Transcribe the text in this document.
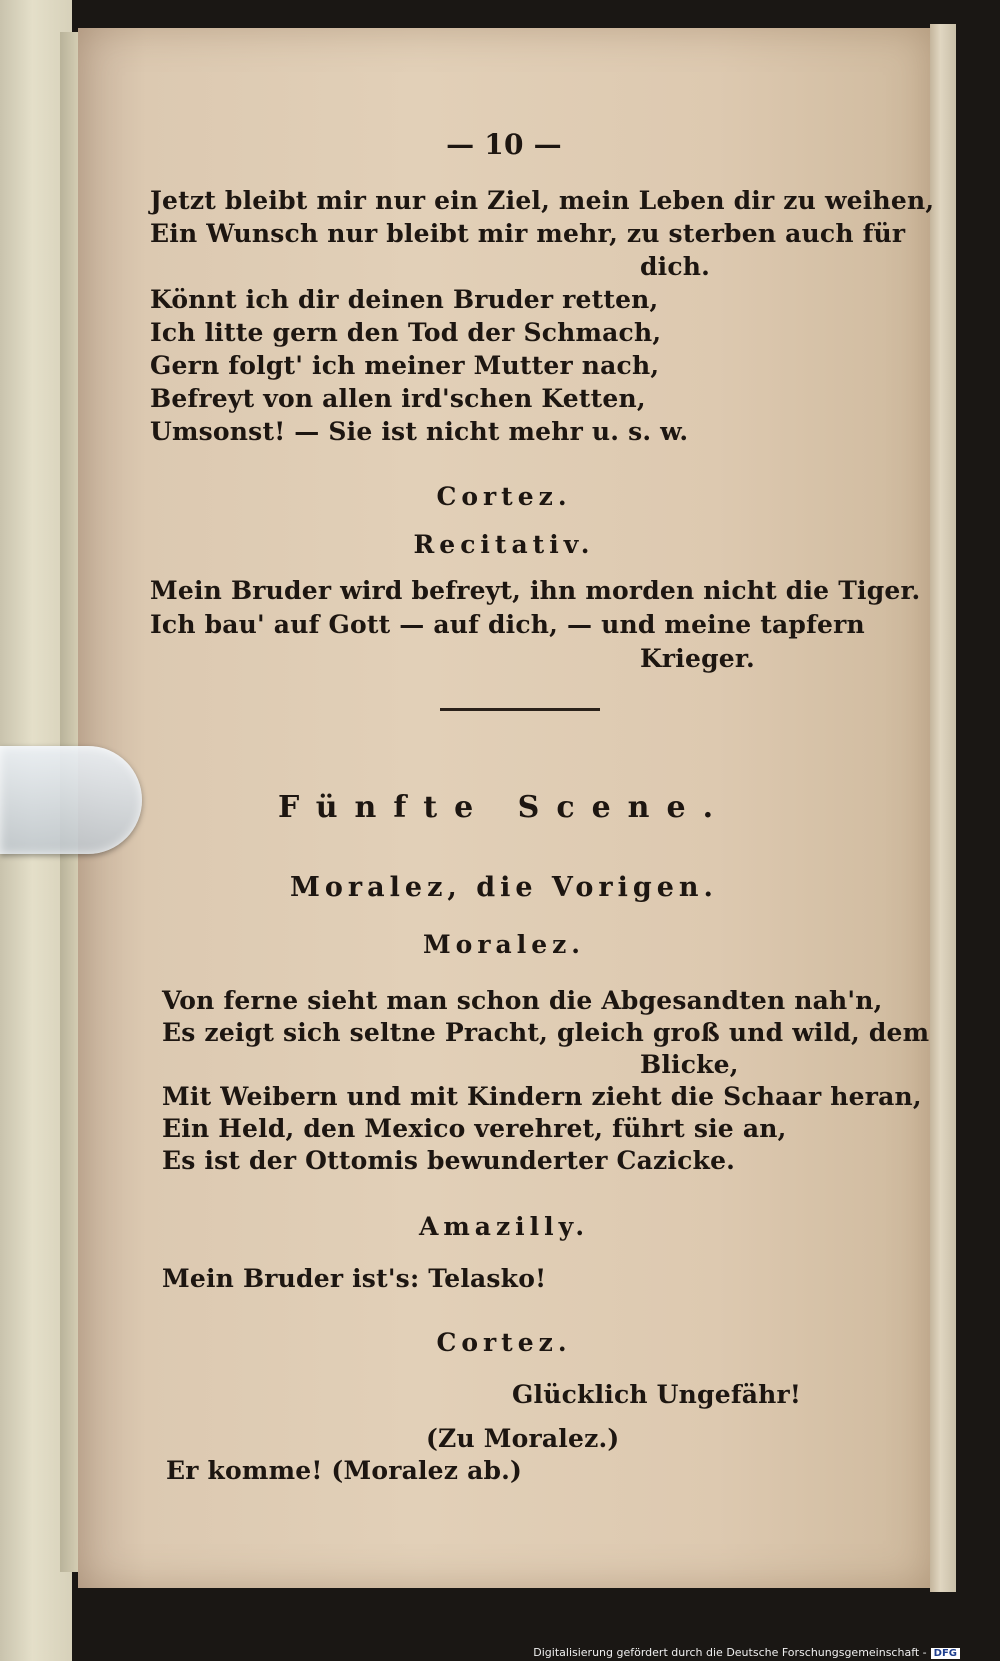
— 10 —
Jetzt bleibt mir nur ein Ziel, mein Leben dir zu weihen,
Ein Wunsch nur bleibt mir mehr, zu sterben auch für
dich.
Könnt ich dir deinen Bruder retten,
Ich litte gern den Tod der Schmach,
Gern folgt' ich meiner Mutter nach,
Befreyt von allen ird'schen Ketten,
Umsonst! — Sie ist nicht mehr u. s. w.
Cortez.
Recitativ.
Mein Bruder wird befreyt, ihn morden nicht die Tiger.
Ich bau' auf Gott — auf dich, — und meine tapfern
Krieger.
Fünfte Scene.
Moralez, die Vorigen.
Moralez.
Von ferne sieht man schon die Abgesandten nah'n,
Es zeigt sich seltne Pracht, gleich groß und wild, dem
Blicke,
Mit Weibern und mit Kindern zieht die Schaar heran,
Ein Held, den Mexico verehret, führt sie an,
Es ist der Ottomis bewunderter Cazicke.
Amazilly.
Mein Bruder ist's: Telasko!
Cortez.
Glücklich Ungefähr!
(Zu Moralez.)
Er komme! (Moralez ab.)
Digitalisierung gefördert durch die Deutsche Forschungsgemeinschaft - DFG
